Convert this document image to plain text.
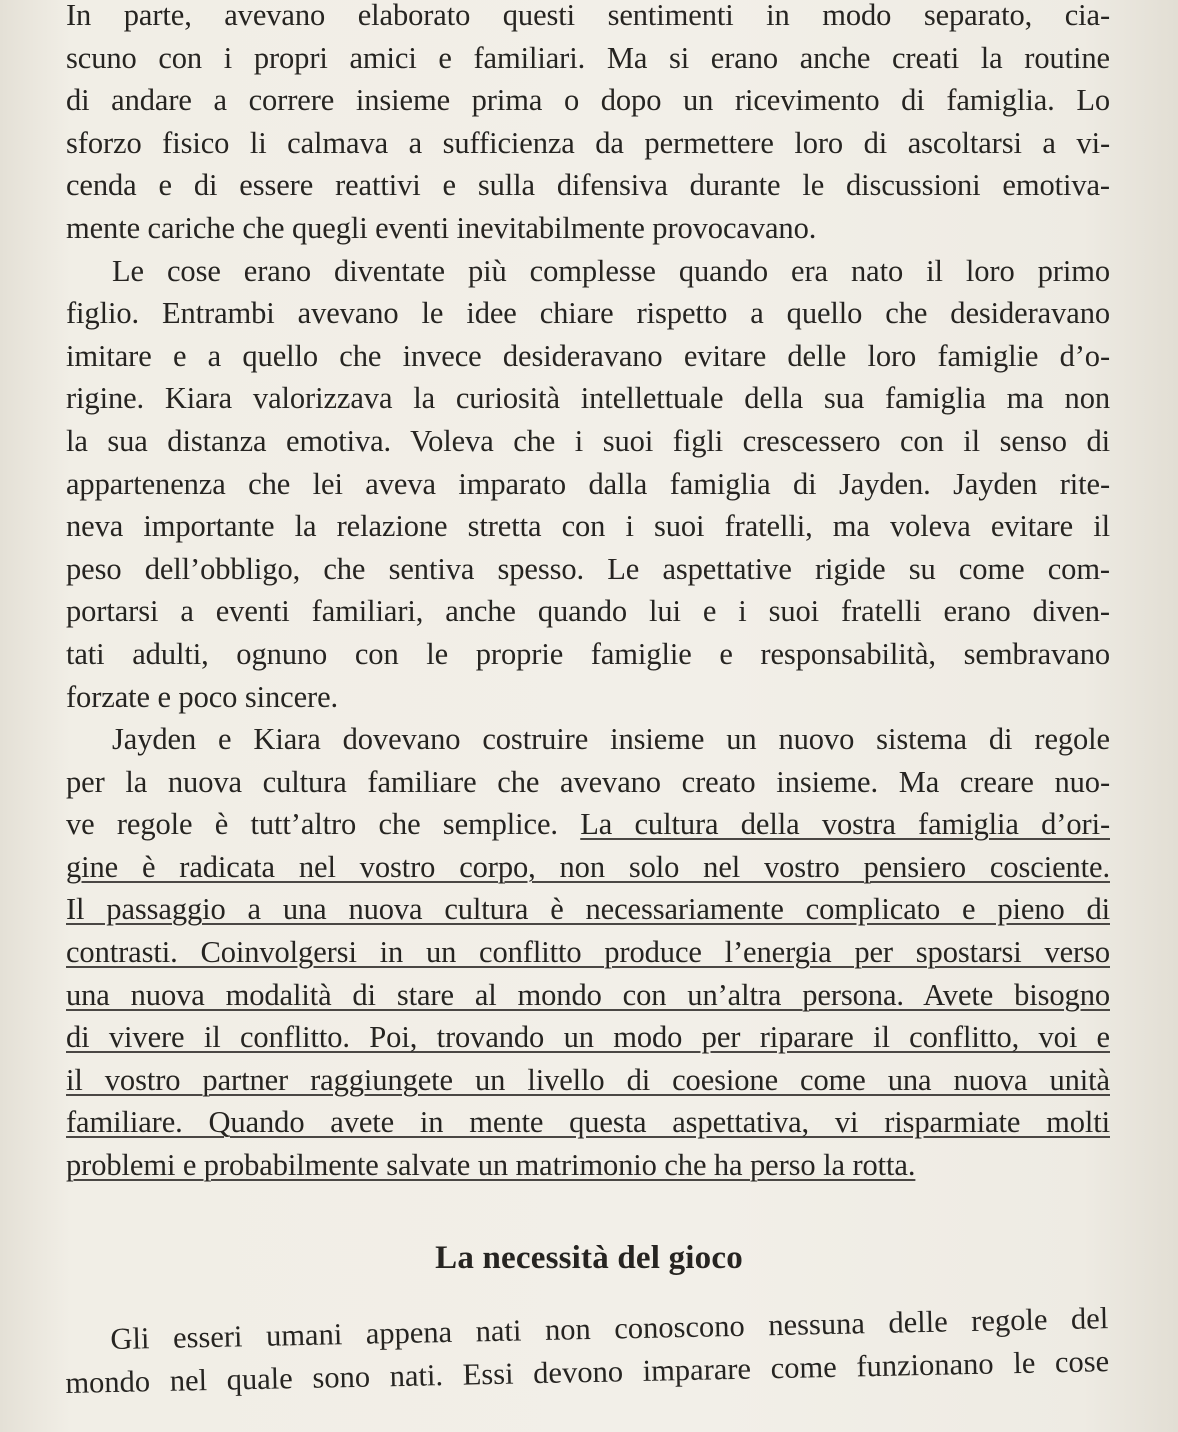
In parte, avevano elaborato questi sentimenti in modo separato, cia-
scuno con i propri amici e familiari. Ma si erano anche creati la routine
di andare a correre insieme prima o dopo un ricevimento di famiglia. Lo
sforzo fisico li calmava a sufficienza da permettere loro di ascoltarsi a vi-
cenda e di essere reattivi e sulla difensiva durante le discussioni emotiva-
mente cariche che quegli eventi inevitabilmente provocavano.
Le cose erano diventate più complesse quando era nato il loro primo
figlio. Entrambi avevano le idee chiare rispetto a quello che desideravano
imitare e a quello che invece desideravano evitare delle loro famiglie d’o-
rigine. Kiara valorizzava la curiosità intellettuale della sua famiglia ma non
la sua distanza emotiva. Voleva che i suoi figli crescessero con il senso di
appartenenza che lei aveva imparato dalla famiglia di Jayden. Jayden rite-
neva importante la relazione stretta con i suoi fratelli, ma voleva evitare il
peso dell’obbligo, che sentiva spesso. Le aspettative rigide su come com-
portarsi a eventi familiari, anche quando lui e i suoi fratelli erano diven-
tati adulti, ognuno con le proprie famiglie e responsabilità, sembravano
forzate e poco sincere.
Jayden e Kiara dovevano costruire insieme un nuovo sistema di regole
per la nuova cultura familiare che avevano creato insieme. Ma creare nuo-
ve regole è tutt’altro che semplice. La cultura della vostra famiglia d’ori-
gine è radicata nel vostro corpo, non solo nel vostro pensiero cosciente.
Il passaggio a una nuova cultura è necessariamente complicato e pieno di
contrasti. Coinvolgersi in un conflitto produce l’energia per spostarsi verso
una nuova modalità di stare al mondo con un’altra persona. Avete bisogno
di vivere il conflitto. Poi, trovando un modo per riparare il conflitto, voi e
il vostro partner raggiungete un livello di coesione come una nuova unità
familiare. Quando avete in mente questa aspettativa, vi risparmiate molti
problemi e probabilmente salvate un matrimonio che ha perso la rotta.
La necessità del gioco
Gli esseri umani appena nati non conoscono nessuna delle regole del
mondo nel quale sono nati. Essi devono imparare come funzionano le cose
